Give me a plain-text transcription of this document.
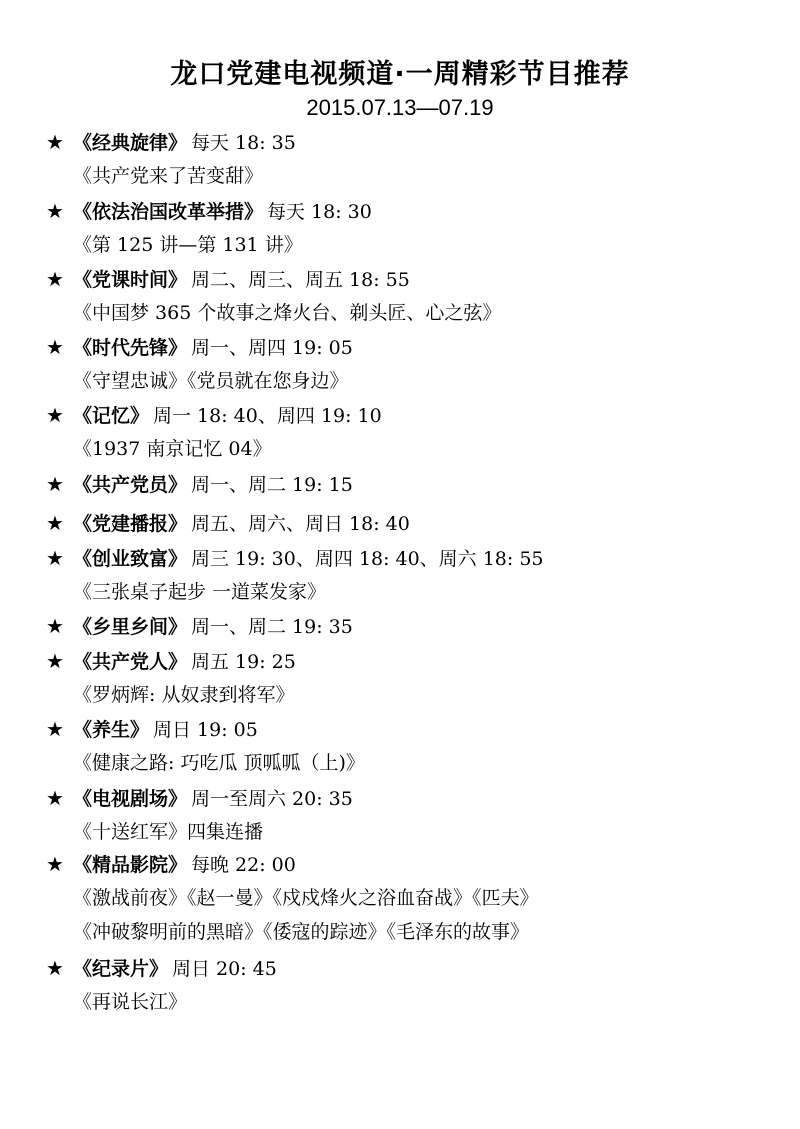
龙口党建电视频道·一周精彩节目推荐
2015.07.13—07.19
★ 《经典旋律》 每天 18: 35
《共产党来了苦变甜》
★ 《依法治国改革举措》 每天 18: 30
《第 125 讲—第 131 讲》
★ 《党课时间》 周二、周三、周五 18: 55
《中国梦 365 个故事之烽火台、剃头匠、心之弦》
★ 《时代先锋》 周一、周四 19: 05
《守望忠诚》《党员就在您身边》
★ 《记忆》 周一 18: 40、周四 19: 10
《1937 南京记忆 04》
★ 《共产党员》 周一、周二 19: 15
★ 《党建播报》 周五、周六、周日 18: 40
★ 《创业致富》 周三 19: 30、周四 18: 40、周六 18: 55
《三张桌子起步 一道菜发家》
★ 《乡里乡间》 周一、周二 19: 35
★ 《共产党人》 周五 19: 25
《罗炳辉: 从奴隶到将军》
★ 《养生》 周日 19: 05
《健康之路: 巧吃瓜 顶呱呱（上)》
★ 《电视剧场》 周一至周六 20: 35
《十送红军》四集连播
★ 《精品影院》 每晚 22: 00
《激战前夜》《赵一曼》《戍戍烽火之浴血奋战》《匹夫》
《冲破黎明前的黑暗》《倭寇的踪迹》《毛泽东的故事》
★ 《纪录片》 周日 20: 45
《再说长江》
